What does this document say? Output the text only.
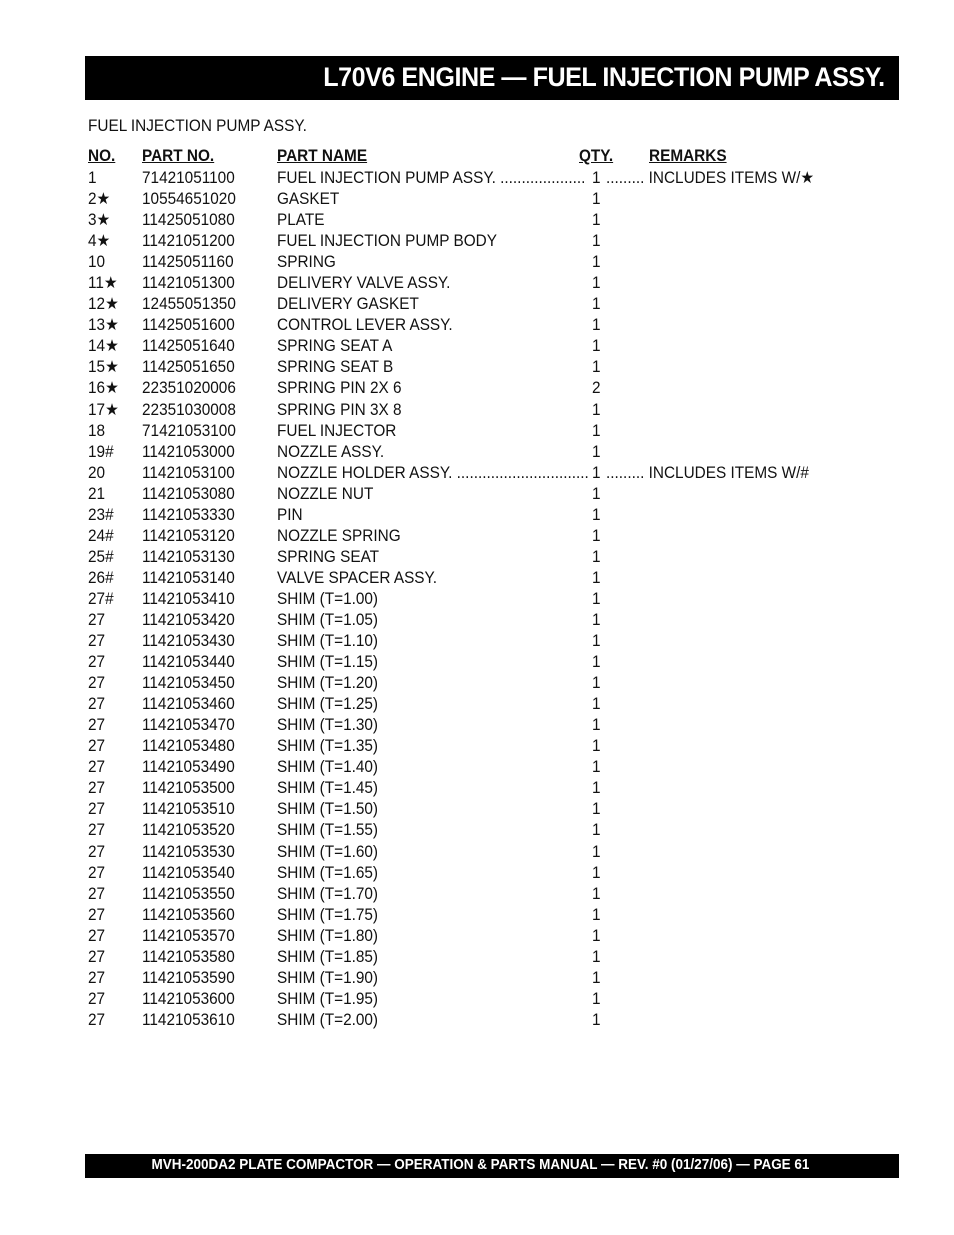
L70V6 ENGINE — FUEL INJECTION PUMP ASSY.
FUEL INJECTION PUMP ASSY.
NO. PART NO.	PART NAME	QTY. REMARKS
1	71421051100	FUEL INJECTION PUMP ASSY. .................... 1 ......... INCLUDES ITEMS W/★
2★ 10554651020 GASKET	1
3★ 11425051080	PLATE	1
4★ 11421051200	FUEL INJECTION PUMP BODY	1
10 11425051160	SPRING	1
11★ 11421051300	DELIVERY VALVE ASSY.	1
12★ 12455051350 DELIVERY GASKET	1
13★ 11425051600	CONTROL LEVER ASSY.	1
14★ 11425051640	SPRING SEAT A	1
15★ 11425051650	SPRING SEAT B	1
16★ 22351020006 SPRING PIN 2X 6	2
17★ 22351030008 SPRING PIN 3X 8	1
18 71421053100 FUEL INJECTOR	1
19# 11421053000	NOZZLE ASSY.	1
20 11421053100	NOZZLE HOLDER ASSY. ............................... 1 ......... INCLUDES ITEMS W/#
21 11421053080	NOZZLE NUT	1
23# 11421053330	PIN	1
24# 11421053120	NOZZLE SPRING	1
25# 11421053130	SPRING SEAT	1
26# 11421053140	VALVE SPACER ASSY.	1
27# 11421053410	SHIM (T=1.00)	1
27 11421053420	SHIM (T=1.05)	1
27 11421053430	SHIM (T=1.10)	1
27 11421053440	SHIM (T=1.15)	1
27 11421053450	SHIM (T=1.20)	1
27 11421053460	SHIM (T=1.25)	1
27 11421053470	SHIM (T=1.30)	1
27 11421053480	SHIM (T=1.35)	1
27 11421053490	SHIM (T=1.40)	1
27 11421053500	SHIM (T=1.45)	1
27 11421053510	SHIM (T=1.50)	1
27 11421053520	SHIM (T=1.55)	1
27 11421053530	SHIM (T=1.60)	1
27 11421053540	SHIM (T=1.65)	1
27 11421053550	SHIM (T=1.70)	1
27 11421053560	SHIM (T=1.75)	1
27 11421053570	SHIM (T=1.80)	1
27 11421053580	SHIM (T=1.85)	1
27 11421053590	SHIM (T=1.90)	1
27 11421053600	SHIM (T=1.95)	1
27 11421053610	SHIM (T=2.00)	1
MVH-200DA2 PLATE COMPACTOR — OPERATION & PARTS MANUAL — REV. #0 (01/27/06) — PAGE 61
